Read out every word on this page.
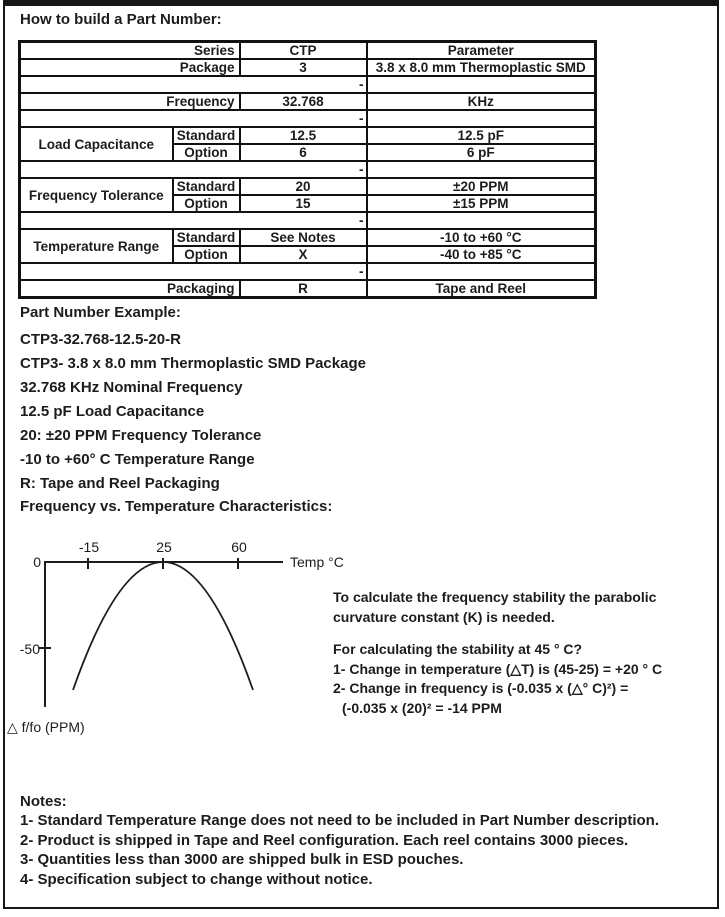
How to build a Part Number:
Series		CTP	Parameter
Package		3	3.8 x 8.0 mm Thermoplastic SMD
-			
Frequency		32.768	KHz
-			
Load Capacitance	Standard	12.5	12.5 pF
	Option	6	6 pF
-			
Frequency Tolerance	Standard	20	±20 PPM
	Option	15	±15 PPM
-			
Temperature Range	Standard	See Notes	-10 to +60 °C
	Option	X	-40 to +85 °C
-			
Packaging		R	Tape and Reel
Part Number Example:
CTP3-32.768-12.5-20-R
CTP3- 3.8 x 8.0 mm Thermoplastic SMD Package
32.768 KHz Nominal Frequency
12.5 pF Load Capacitance
20: ±20 PPM Frequency Tolerance
-10 to +60° C Temperature Range
R: Tape and Reel Packaging
Frequency vs. Temperature Characteristics:
0
-50
-15	25	60
Temp °C
△ f/fo (PPM)
To calculate the frequency stability the parabolic
curvature constant (K) is needed.
For calculating the stability at 45 ° C?
1- Change in temperature (△T) is (45-25) = +20 ° C
2- Change in frequency is (-0.035 x (△° C)²) =
(-0.035 x (20)² = -14 PPM
Notes:
1- Standard Temperature Range does not need to be included in Part Number description.
2- Product is shipped in Tape and Reel configuration. Each reel contains 3000 pieces.
3- Quantities less than 3000 are shipped bulk in ESD pouches.
4- Specification subject to change without notice.
